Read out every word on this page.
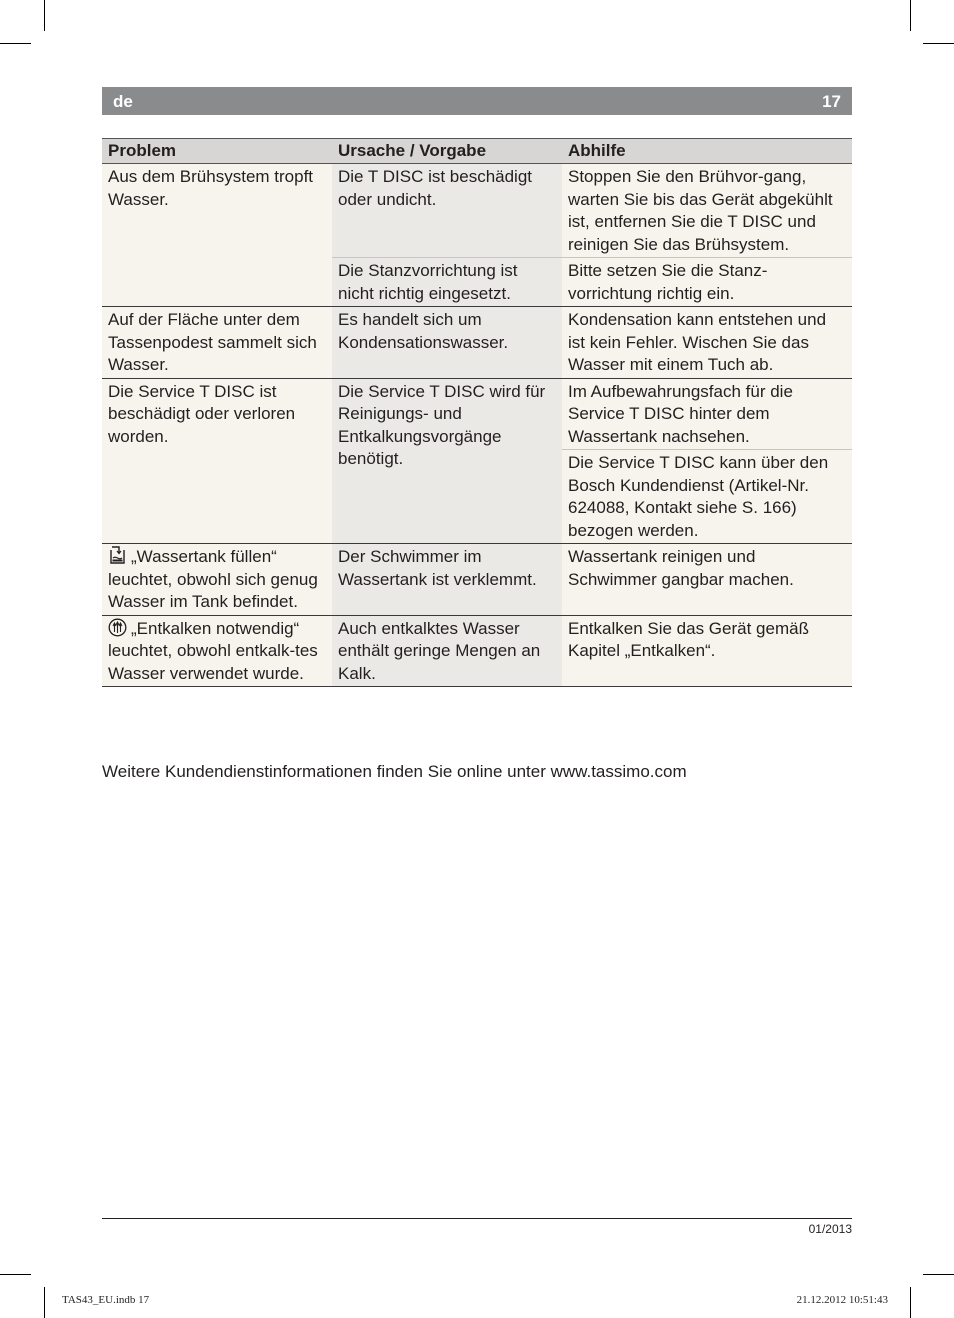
de	17
Problem	Ursache / Vorgabe	Abhilfe
Aus dem Brühsystem tropft Wasser.	Die T DISC ist beschädigt oder undicht.	Stoppen Sie den Brühvor-gang, warten Sie bis das Gerät abgekühlt ist, entfernen Sie die T DISC und reinigen Sie das Brühsystem.
	Die Stanzvorrichtung ist nicht richtig eingesetzt.	Bitte setzen Sie die Stanz-vorrichtung richtig ein.
Auf der Fläche unter dem Tassenpodest sammelt sich Wasser.	Es handelt sich um Kondensationswasser.	Kondensation kann entstehen und ist kein Fehler. Wischen Sie das Wasser mit einem Tuch ab.
Die Service T DISC ist beschädigt oder verloren worden.	Die Service T DISC wird für Reinigungs- und Entkalkungsvorgänge benötigt.	Im Aufbewahrungsfach für die Service T DISC hinter dem Wassertank nachsehen.
		Die Service T DISC kann über den Bosch Kundendienst (Artikel-Nr. 624088, Kontakt siehe S. 166) bezogen werden.
„Wassertank füllen“ leuchtet, obwohl sich genug Wasser im Tank befindet.	Der Schwimmer im Wassertank ist verklemmt.	Wassertank reinigen und Schwimmer gangbar machen.
„Entkalken notwendig“ leuchtet, obwohl entkalk-tes Wasser verwendet wurde.	Auch entkalktes Wasser enthält geringe Mengen an Kalk.	Entkalken Sie das Gerät gemäß Kapitel „Entkalken“.
Weitere Kundendienstinformationen finden Sie online unter www.tassimo.com
01/2013
TAS43_EU.indb 17	21.12.2012 10:51:43
